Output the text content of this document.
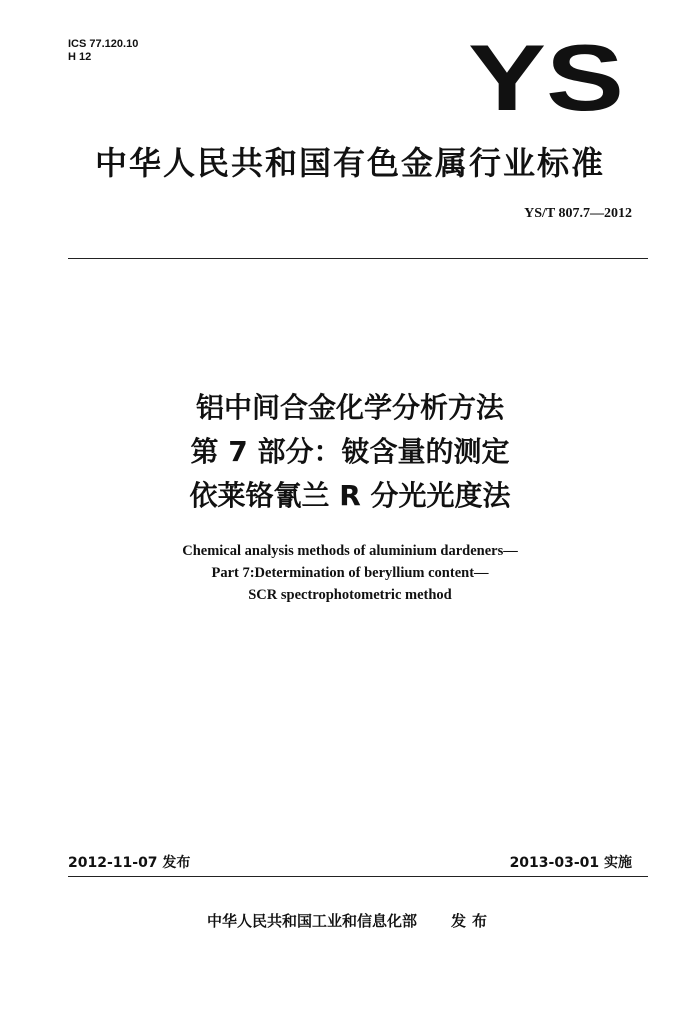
ICS 77.120.10
H 12	YS
中华人民共和国有色金属行业标准
YS/T 807.7—2012
铝中间合金化学分析方法
第 7 部分：铍含量的测定
依莱铬氰兰 R 分光光度法
Chemical analysis methods of aluminium dardeners—
Part 7:Determination of beryllium content—
SCR spectrophotometric method
2012-11-07 发布	2013-03-01 实施
中华人民共和国工业和信息化部 发布
